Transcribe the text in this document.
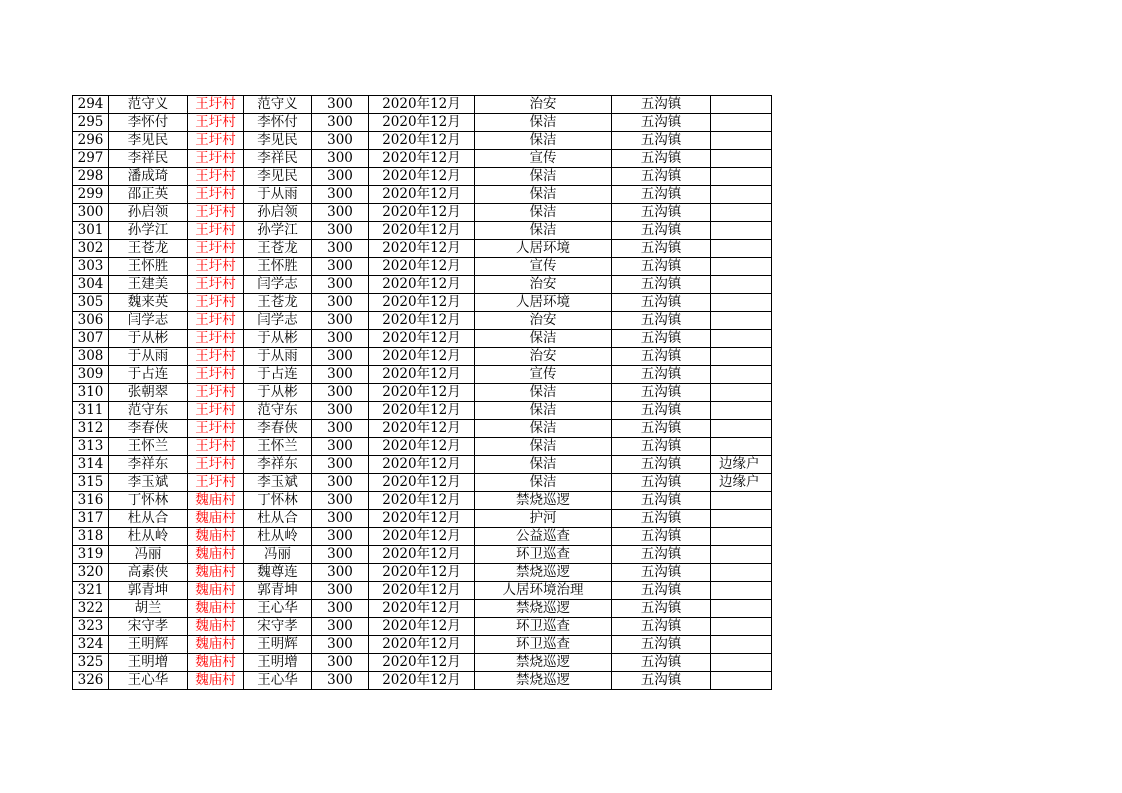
294	范守义	王圩村	范守义	300	2020年12月	治安	五沟镇	
295	李怀付	王圩村	李怀付	300	2020年12月	保洁	五沟镇	
296	李见民	王圩村	李见民	300	2020年12月	保洁	五沟镇	
297	李祥民	王圩村	李祥民	300	2020年12月	宣传	五沟镇	
298	潘成琦	王圩村	李见民	300	2020年12月	保洁	五沟镇	
299	邵正英	王圩村	于从雨	300	2020年12月	保洁	五沟镇	
300	孙启领	王圩村	孙启领	300	2020年12月	保洁	五沟镇	
301	孙学江	王圩村	孙学江	300	2020年12月	保洁	五沟镇	
302	王苍龙	王圩村	王苍龙	300	2020年12月	人居环境	五沟镇	
303	王怀胜	王圩村	王怀胜	300	2020年12月	宣传	五沟镇	
304	王建美	王圩村	闫学志	300	2020年12月	治安	五沟镇	
305	魏来英	王圩村	王苍龙	300	2020年12月	人居环境	五沟镇	
306	闫学志	王圩村	闫学志	300	2020年12月	治安	五沟镇	
307	于从彬	王圩村	于从彬	300	2020年12月	保洁	五沟镇	
308	于从雨	王圩村	于从雨	300	2020年12月	治安	五沟镇	
309	于占连	王圩村	于占连	300	2020年12月	宣传	五沟镇	
310	张朝翠	王圩村	于从彬	300	2020年12月	保洁	五沟镇	
311	范守东	王圩村	范守东	300	2020年12月	保洁	五沟镇	
312	李春侠	王圩村	李春侠	300	2020年12月	保洁	五沟镇	
313	王怀兰	王圩村	王怀兰	300	2020年12月	保洁	五沟镇	
314	李祥东	王圩村	李祥东	300	2020年12月	保洁	五沟镇	边缘户
315	李玉斌	王圩村	李玉斌	300	2020年12月	保洁	五沟镇	边缘户
316	丁怀林	魏庙村	丁怀林	300	2020年12月	禁烧巡逻	五沟镇	
317	杜从合	魏庙村	杜从合	300	2020年12月	护河	五沟镇	
318	杜从岭	魏庙村	杜从岭	300	2020年12月	公益巡查	五沟镇	
319	冯丽	魏庙村	冯丽	300	2020年12月	环卫巡查	五沟镇	
320	高素侠	魏庙村	魏尊连	300	2020年12月	禁烧巡逻	五沟镇	
321	郭青坤	魏庙村	郭青坤	300	2020年12月	人居环境治理	五沟镇	
322	胡兰	魏庙村	王心华	300	2020年12月	禁烧巡逻	五沟镇	
323	宋守孝	魏庙村	宋守孝	300	2020年12月	环卫巡查	五沟镇	
324	王明辉	魏庙村	王明辉	300	2020年12月	环卫巡查	五沟镇	
325	王明增	魏庙村	王明增	300	2020年12月	禁烧巡逻	五沟镇	
326	王心华	魏庙村	王心华	300	2020年12月	禁烧巡逻	五沟镇	
